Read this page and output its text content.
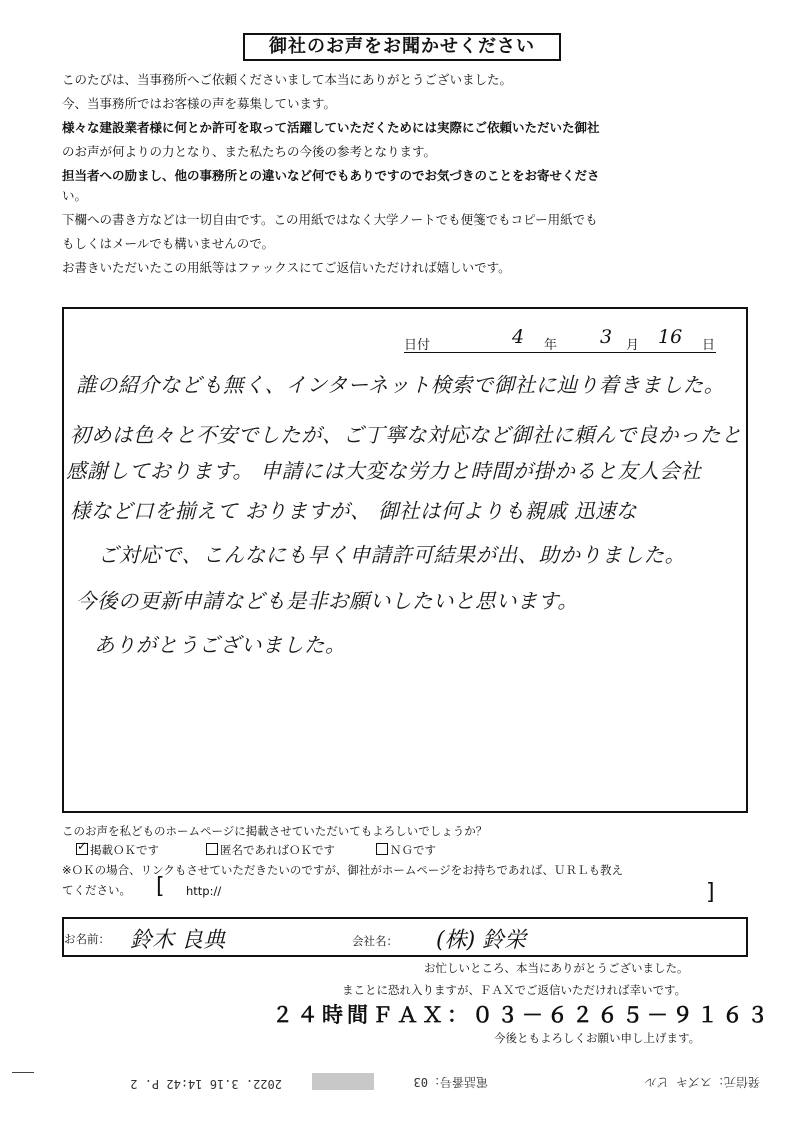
御社のお声をお聞かせください
このたびは、当事務所へご依頼くださいまして本当にありがとうございました。
今、当事務所ではお客様の声を募集しています。
様々な建設業者様に何とか許可を取って活躍していただくためには実際にご依頼いただいた御社
のお声が何よりの力となり、また私たちの今後の参考となります。
担当者への励まし、他の事務所との違いなど何でもありですのでお気づきのことをお寄せくださ
い。
下欄への書き方などは一切自由です。この用紙ではなく大学ノートでも便箋でもコピー用紙でも
もしくはメールでも構いませんので。
お書きいただいたこの用紙等はファックスにてご返信いただければ嬉しいです。
日付	4 年 3 月 16 日
誰の紹介なども無く、インターネット検索で御社に辿り着きました。
初めは色々と不安でしたが、ご丁寧な対応など御社に頼んで良かったと
感謝しております。 申請には大変な労力と時間が掛かると友人会社
様など口を揃えて おりますが、 御社は何よりも親戚 迅速な
ご対応で、こんなにも早く申請許可結果が出、助かりました。
今後の更新申請なども是非お願いしたいと思います。
ありがとうございました。
このお声を私どものホームページに掲載させていただいてもよろしいでしょうか？
✓ 掲載ＯＫです	匿名であればＯＫです	ＮＧです
※ＯＫの場合、リンクもさせていただきたいのですが、御社がホームページをお持ちであれば、ＵＲＬも教え
てください。 [ http://	]
お名前： 鈴木 良典	会社名： (株) 鈴栄
お忙しいところ、本当にありがとうございました。
まことに恐れ入りますが、ＦＡＸでご返信いただければ幸いです。
２４時間ＦＡＸ：０３－６２６５－９１６３
今後ともよろしくお願い申し上げます。
発信元：スズキ ビル
電話番号：03
2022. 3.16 14:42 P. 2
